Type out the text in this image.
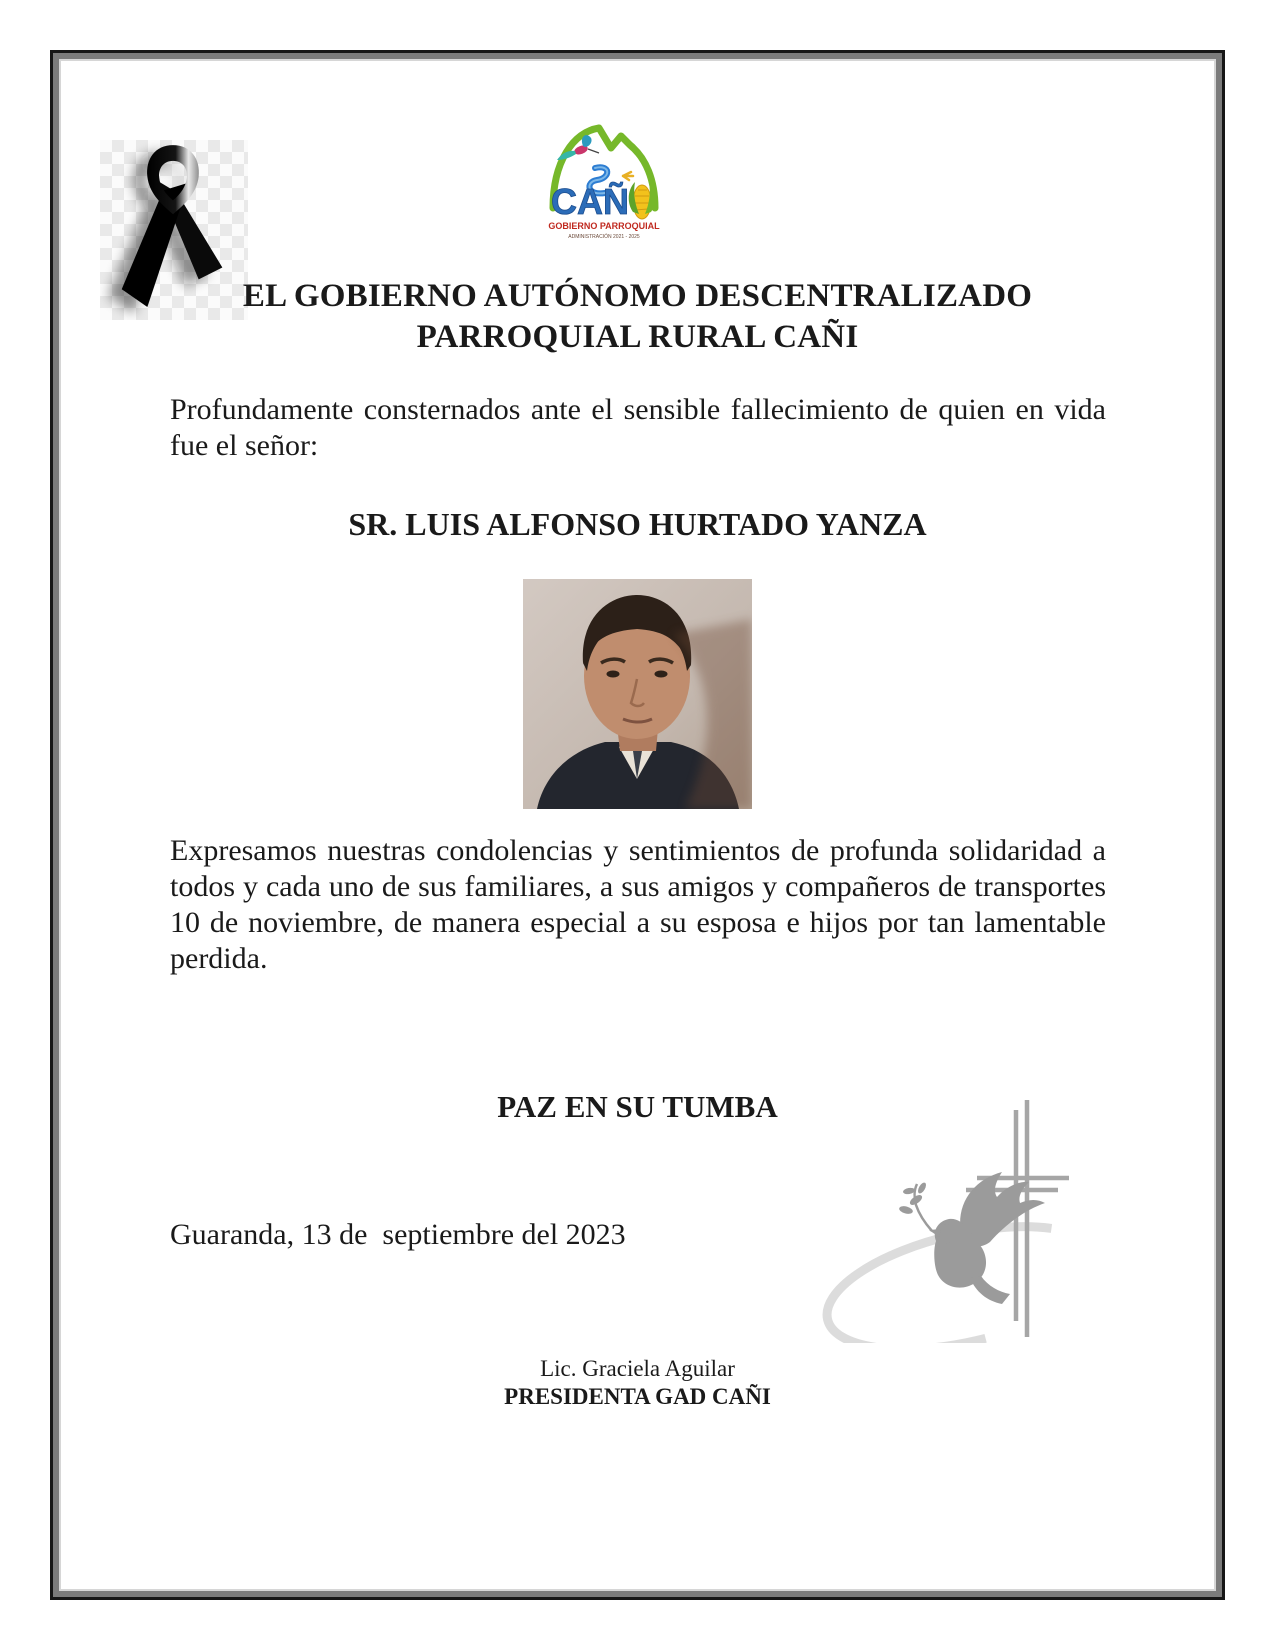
CAÑ
GOBIERNO PARROQUIAL
ADMINISTRACIÓN 2021 - 2025
EL GOBIERNO AUTÓNOMO DESCENTRALIZADO
PARROQUIAL RURAL CAÑI
Profundamente consternados ante el sensible fallecimiento de quien en vida fue el señor:
SR. LUIS ALFONSO HURTADO YANZA
Expresamos nuestras condolencias y sentimientos de profunda solidaridad a todos y cada uno de sus familiares, a sus amigos y compañeros de transportes 10 de noviembre, de manera especial a su esposa e hijos por tan lamentable perdida.
PAZ EN SU TUMBA
Guaranda, 13 de  septiembre del 2023
Lic. Graciela Aguilar
PRESIDENTA GAD CAÑI
